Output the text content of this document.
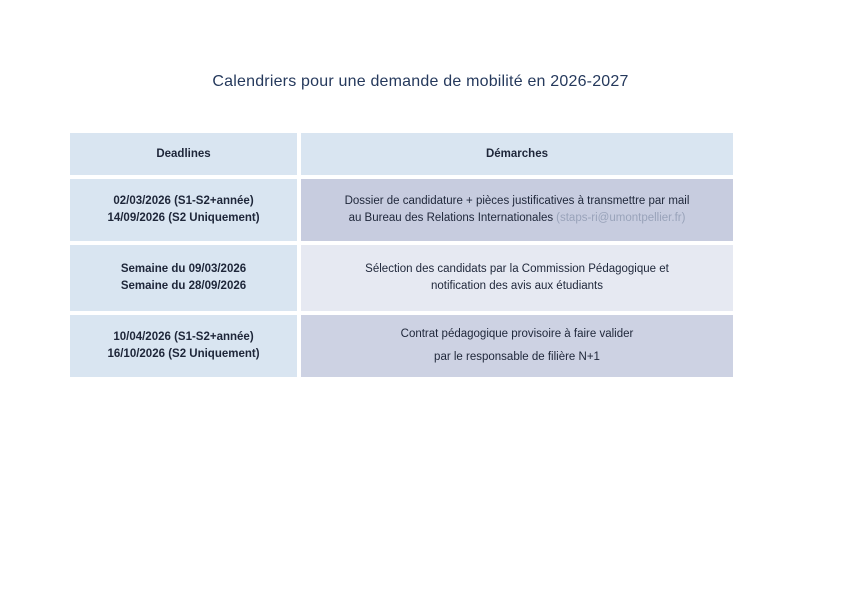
Calendriers pour une demande de mobilité en 2026-2027
Deadlines	Démarches
02/03/2026 (S1-S2+année)
14/09/2026 (S2 Uniquement)
Dossier de candidature + pièces justificatives à transmettre par mail
au Bureau des Relations Internationales (staps-ri@umontpellier.fr)
Semaine du 09/03/2026
Semaine du 28/09/2026
Sélection des candidats par la Commission Pédagogique et
notification des avis aux étudiants
10/04/2026 (S1-S2+année)
16/10/2026 (S2 Uniquement)
Contrat pédagogique provisoire à faire valider
par le responsable de filière N+1
